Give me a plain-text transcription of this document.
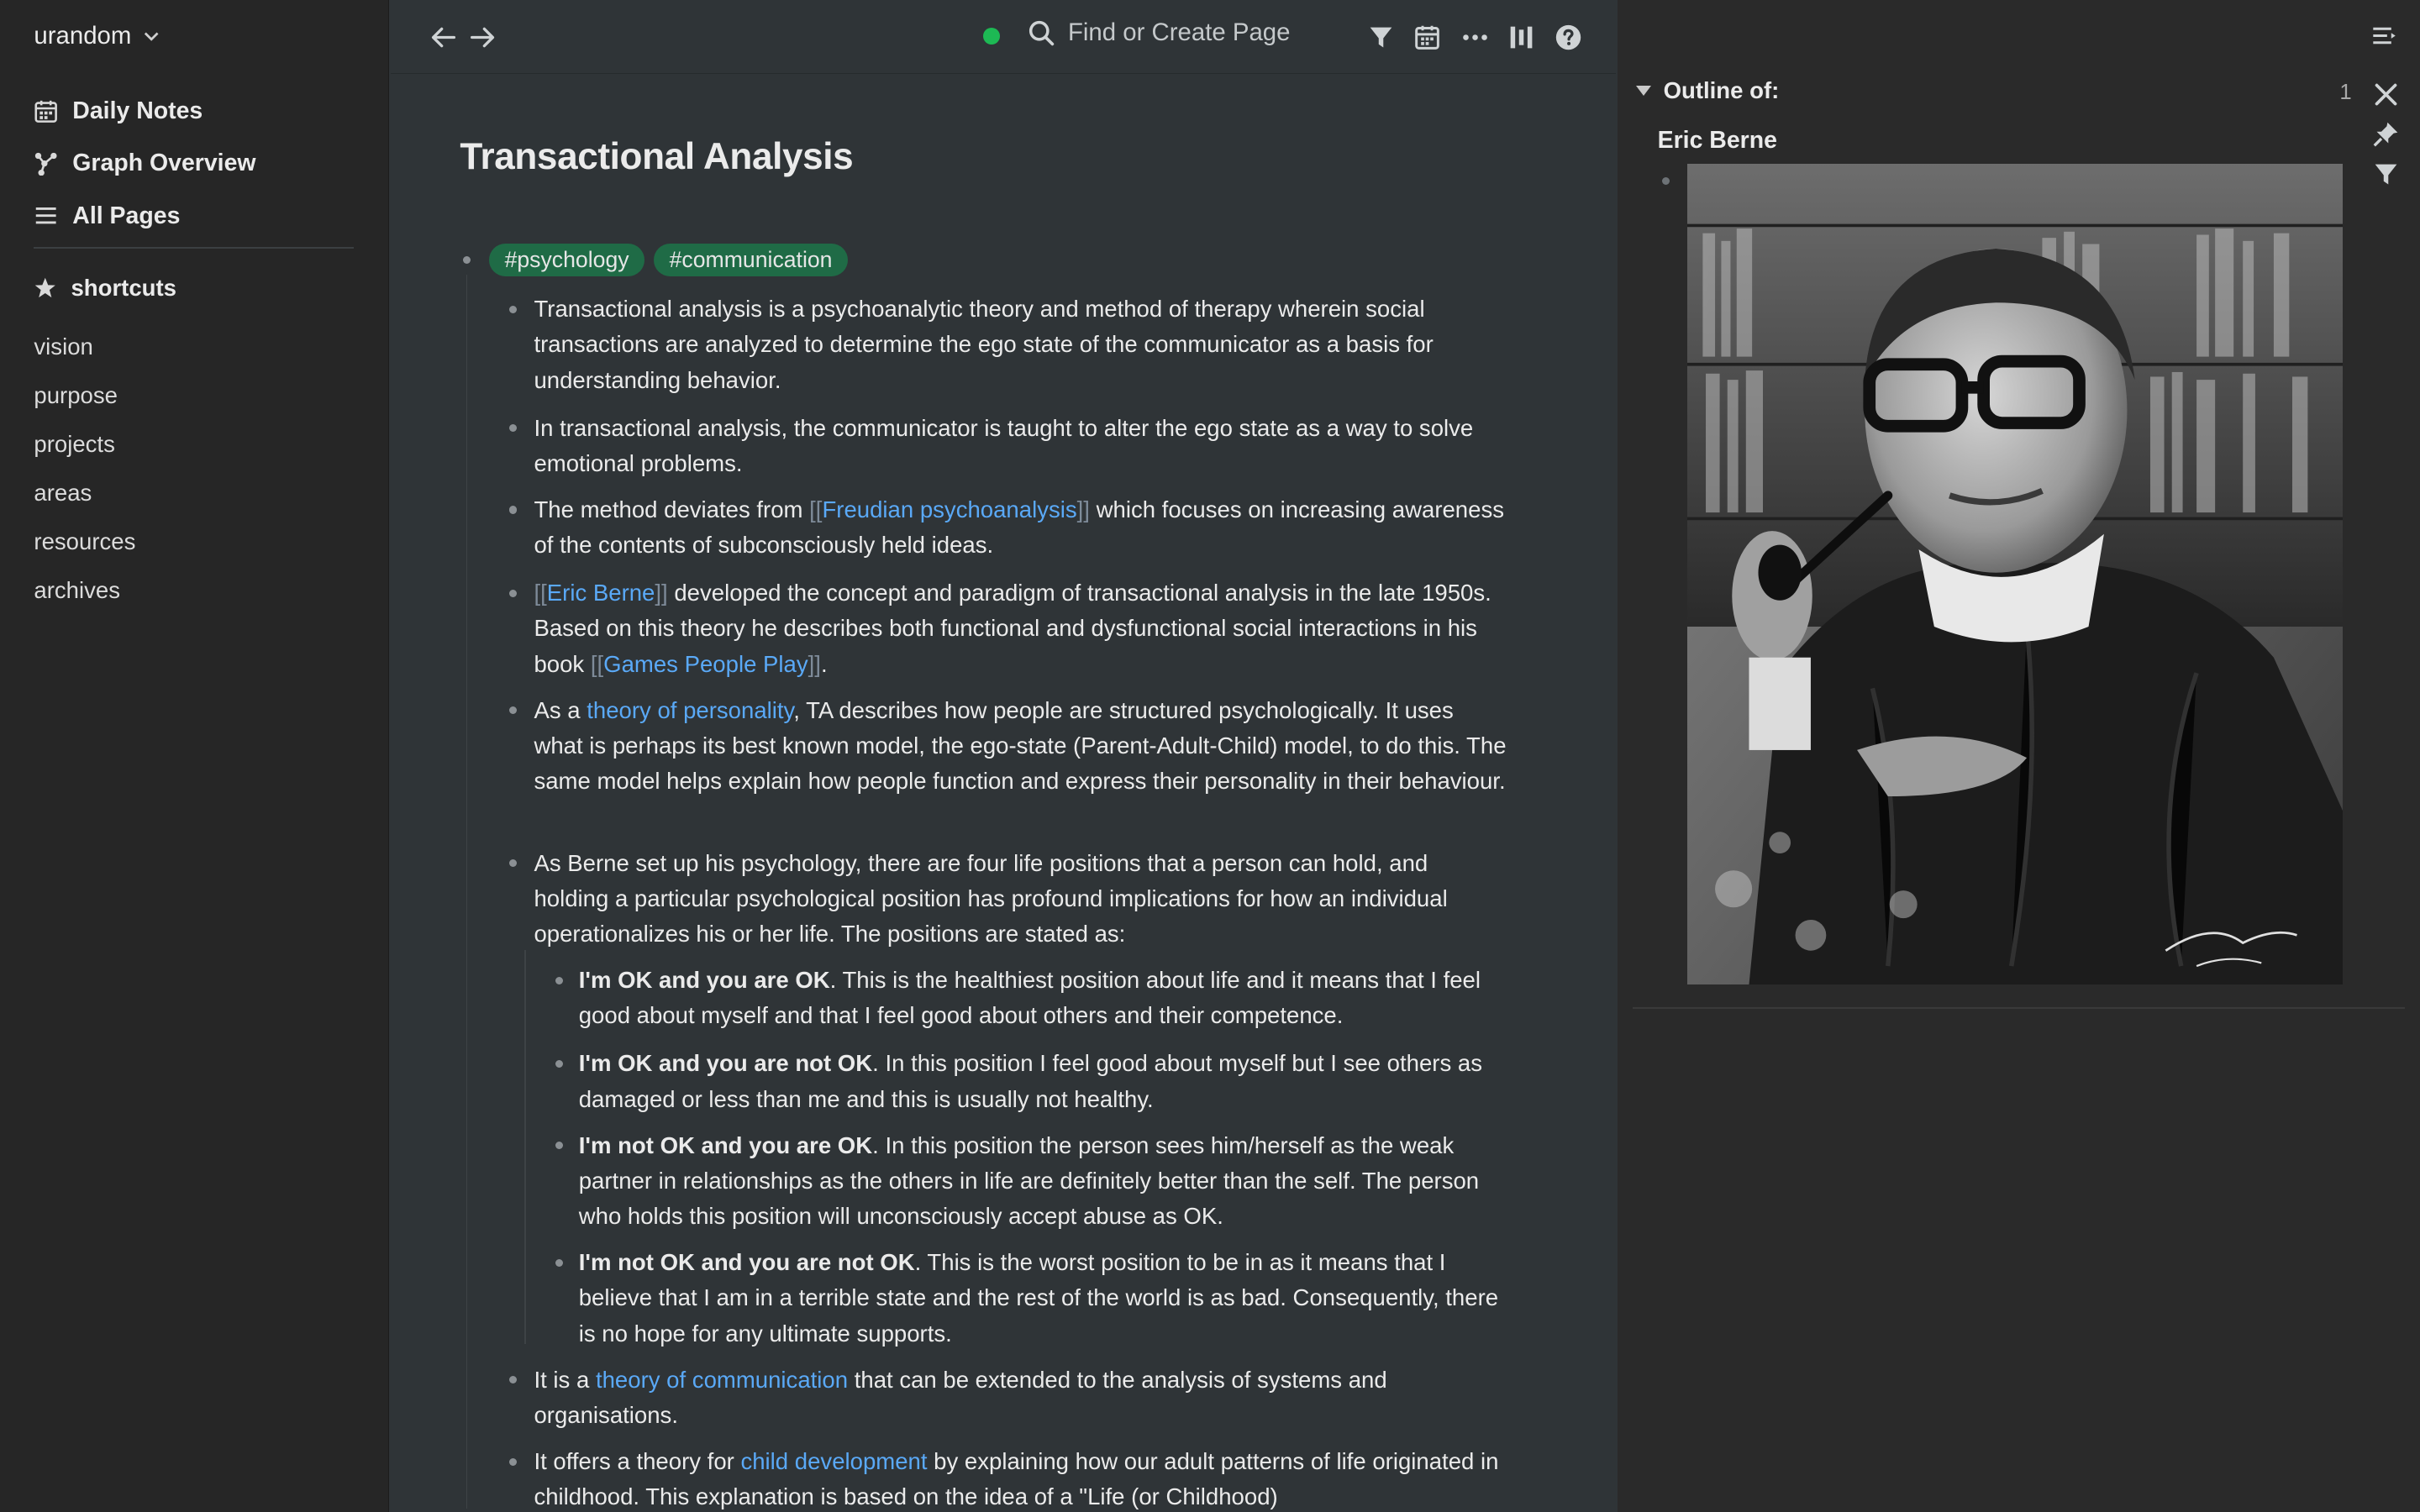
urandom
Daily Notes
Graph Overview
All Pages
shortcuts
vision
purpose
projects
areas
resources
archives
Find or Create Page
Transactional Analysis
#psychology	#communication
Transactional analysis is a psychoanalytic theory and method of therapy wherein social transactions are analyzed to determine the ego state of the communicator as a basis for understanding behavior.
In transactional analysis, the communicator is taught to alter the ego state as a way to solve emotional problems.
The method deviates from [[Freudian psychoanalysis]] which focuses on increasing awareness of the contents of subconsciously held ideas.
[[Eric Berne]] developed the concept and paradigm of transactional analysis in the late 1950s. Based on this theory he describes both functional and dysfunctional social interactions in his book [[Games People Play]].
As a theory of personality, TA describes how people are structured psychologically. It uses what is perhaps its best known model, the ego-state (Parent-Adult-Child) model, to do this. The same model helps explain how people function and express their personality in their behaviour.
As Berne set up his psychology, there are four life positions that a person can hold, and holding a particular psychological position has profound implications for how an individual operationalizes his or her life. The positions are stated as:
I'm OK and you are OK. This is the healthiest position about life and it means that I feel good about myself and that I feel good about others and their competence.
I'm OK and you are not OK. In this position I feel good about myself but I see others as damaged or less than me and this is usually not healthy.
I'm not OK and you are OK. In this position the person sees him/herself as the weak partner in relationships as the others in life are definitely better than the self. The person who holds this position will unconsciously accept abuse as OK.
I'm not OK and you are not OK. This is the worst position to be in as it means that I believe that I am in a terrible state and the rest of the world is as bad. Consequently, there is no hope for any ultimate supports.
It is a theory of communication that can be extended to the analysis of systems and organisations.
It offers a theory for child development by explaining how our adult patterns of life originated in childhood. This explanation is based on the idea of a "Life (or Childhood)
Outline of:	1
Eric Berne
